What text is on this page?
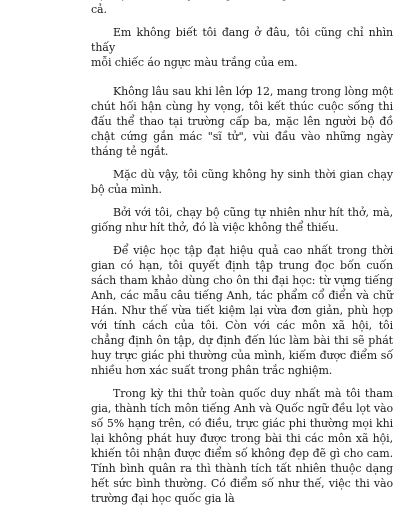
cả.

Em không biết tôi đang ở đâu, tôi cũng chỉ nhìn thấy

mỗi chiếc áo ngực màu trắng của em.

Không lâu sau khi lên lớp 12, mang trong lòng một chút hối hận cùng hy vọng, tôi kết thúc cuộc sống thi đấu thể thao tại trường cấp ba, mặc lên người bộ đồ chật cứng gắn mác "sĩ tử", vùi đầu vào những ngày tháng tẻ ngắt.

Mặc dù vậy, tôi cũng không hy sinh thời gian chạy bộ của mình.

Bởi với tôi, chạy bộ cũng tự nhiên như hít thở, mà, giống như hít thở, đó là việc không thể thiếu.

Để việc học tập đạt hiệu quả cao nhất trong thời gian có hạn, tôi quyết định tập trung đọc bốn cuốn sách tham khảo dùng cho ôn thi đại học: từ vựng tiếng Anh, các mẫu câu tiếng Anh, tác phẩm cổ điển và chữ Hán. Như thế vừa tiết kiệm lại vừa đơn giản, phù hợp với tính cách của tôi. Còn với các môn xã hội, tôi chẳng định ôn tập, dự định đến lúc làm bài thi sẽ phát huy trực giác phi thường của mình, kiếm được điểm số nhiều hơn xác suất trong phân trắc nghiệm.

Trong kỳ thi thử toàn quốc duy nhất mà tôi tham gia, thành tích môn tiếng Anh và Quốc ngữ đều lọt vào số 5% hạng trên, có điều, trực giác phi thường mọi khi lại không phát huy được trong bài thi các môn xã hội, khiến tôi nhận được điểm số không đẹp đẽ gì cho cam. Tính bình quân ra thì thành tích tất nhiên thuộc dạng hết sức bình thường. Có điểm số như thế, việc thi vào trường đại học quốc gia là
